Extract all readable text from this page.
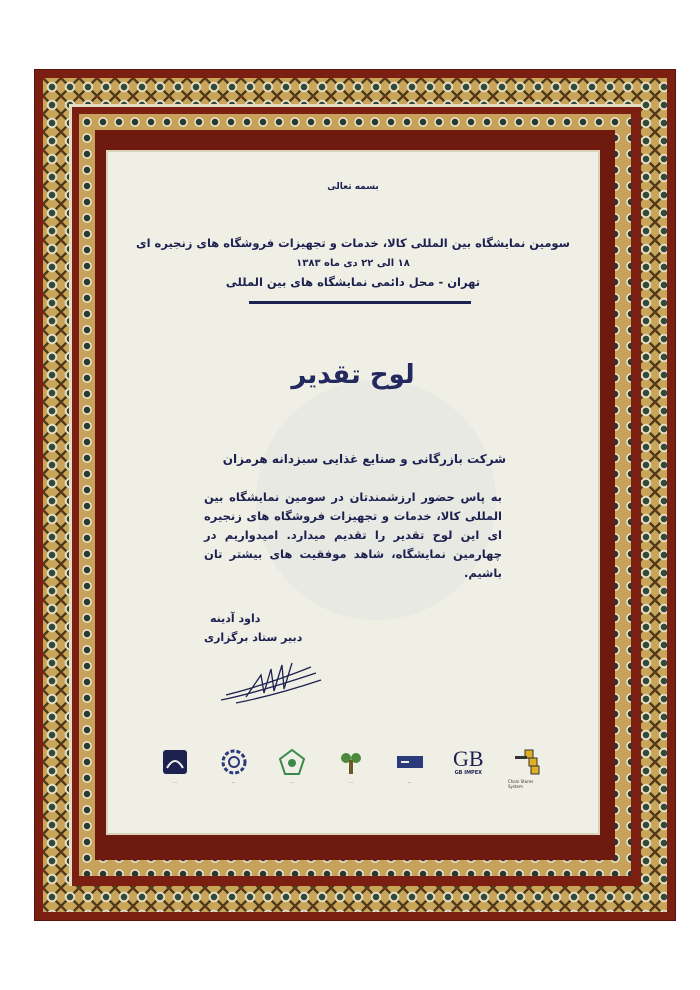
بسمه تعالی
سومین نمایشگاه بین المللی کالا، خدمات و تجهیزات فروشگاه های زنجیره ای
۱۸ الی ۲۲ دی ماه ۱۳۸۳
تهران - محل دائمی نمایشگاه های بین المللی
لوح تقدیر
شرکت بازرگانی و صنایع غذایی سبزدانه هرمزان
به پاس حضور ارزشمندتان در سومین نمایشگاه بین المللی کالا، خدمات و تجهیزات فروشگاه های زنجیره ای این لوح تقدیر را تقدیم میدارد. امیدواریم در چهارمین نمایشگاه، شاهد موفقیت های بیشتر تان باشیم.
داود آدینه
دبیر ستاد برگزاری
...	...	...	...	...
GB
GB IMPEX
Chain Stores System
